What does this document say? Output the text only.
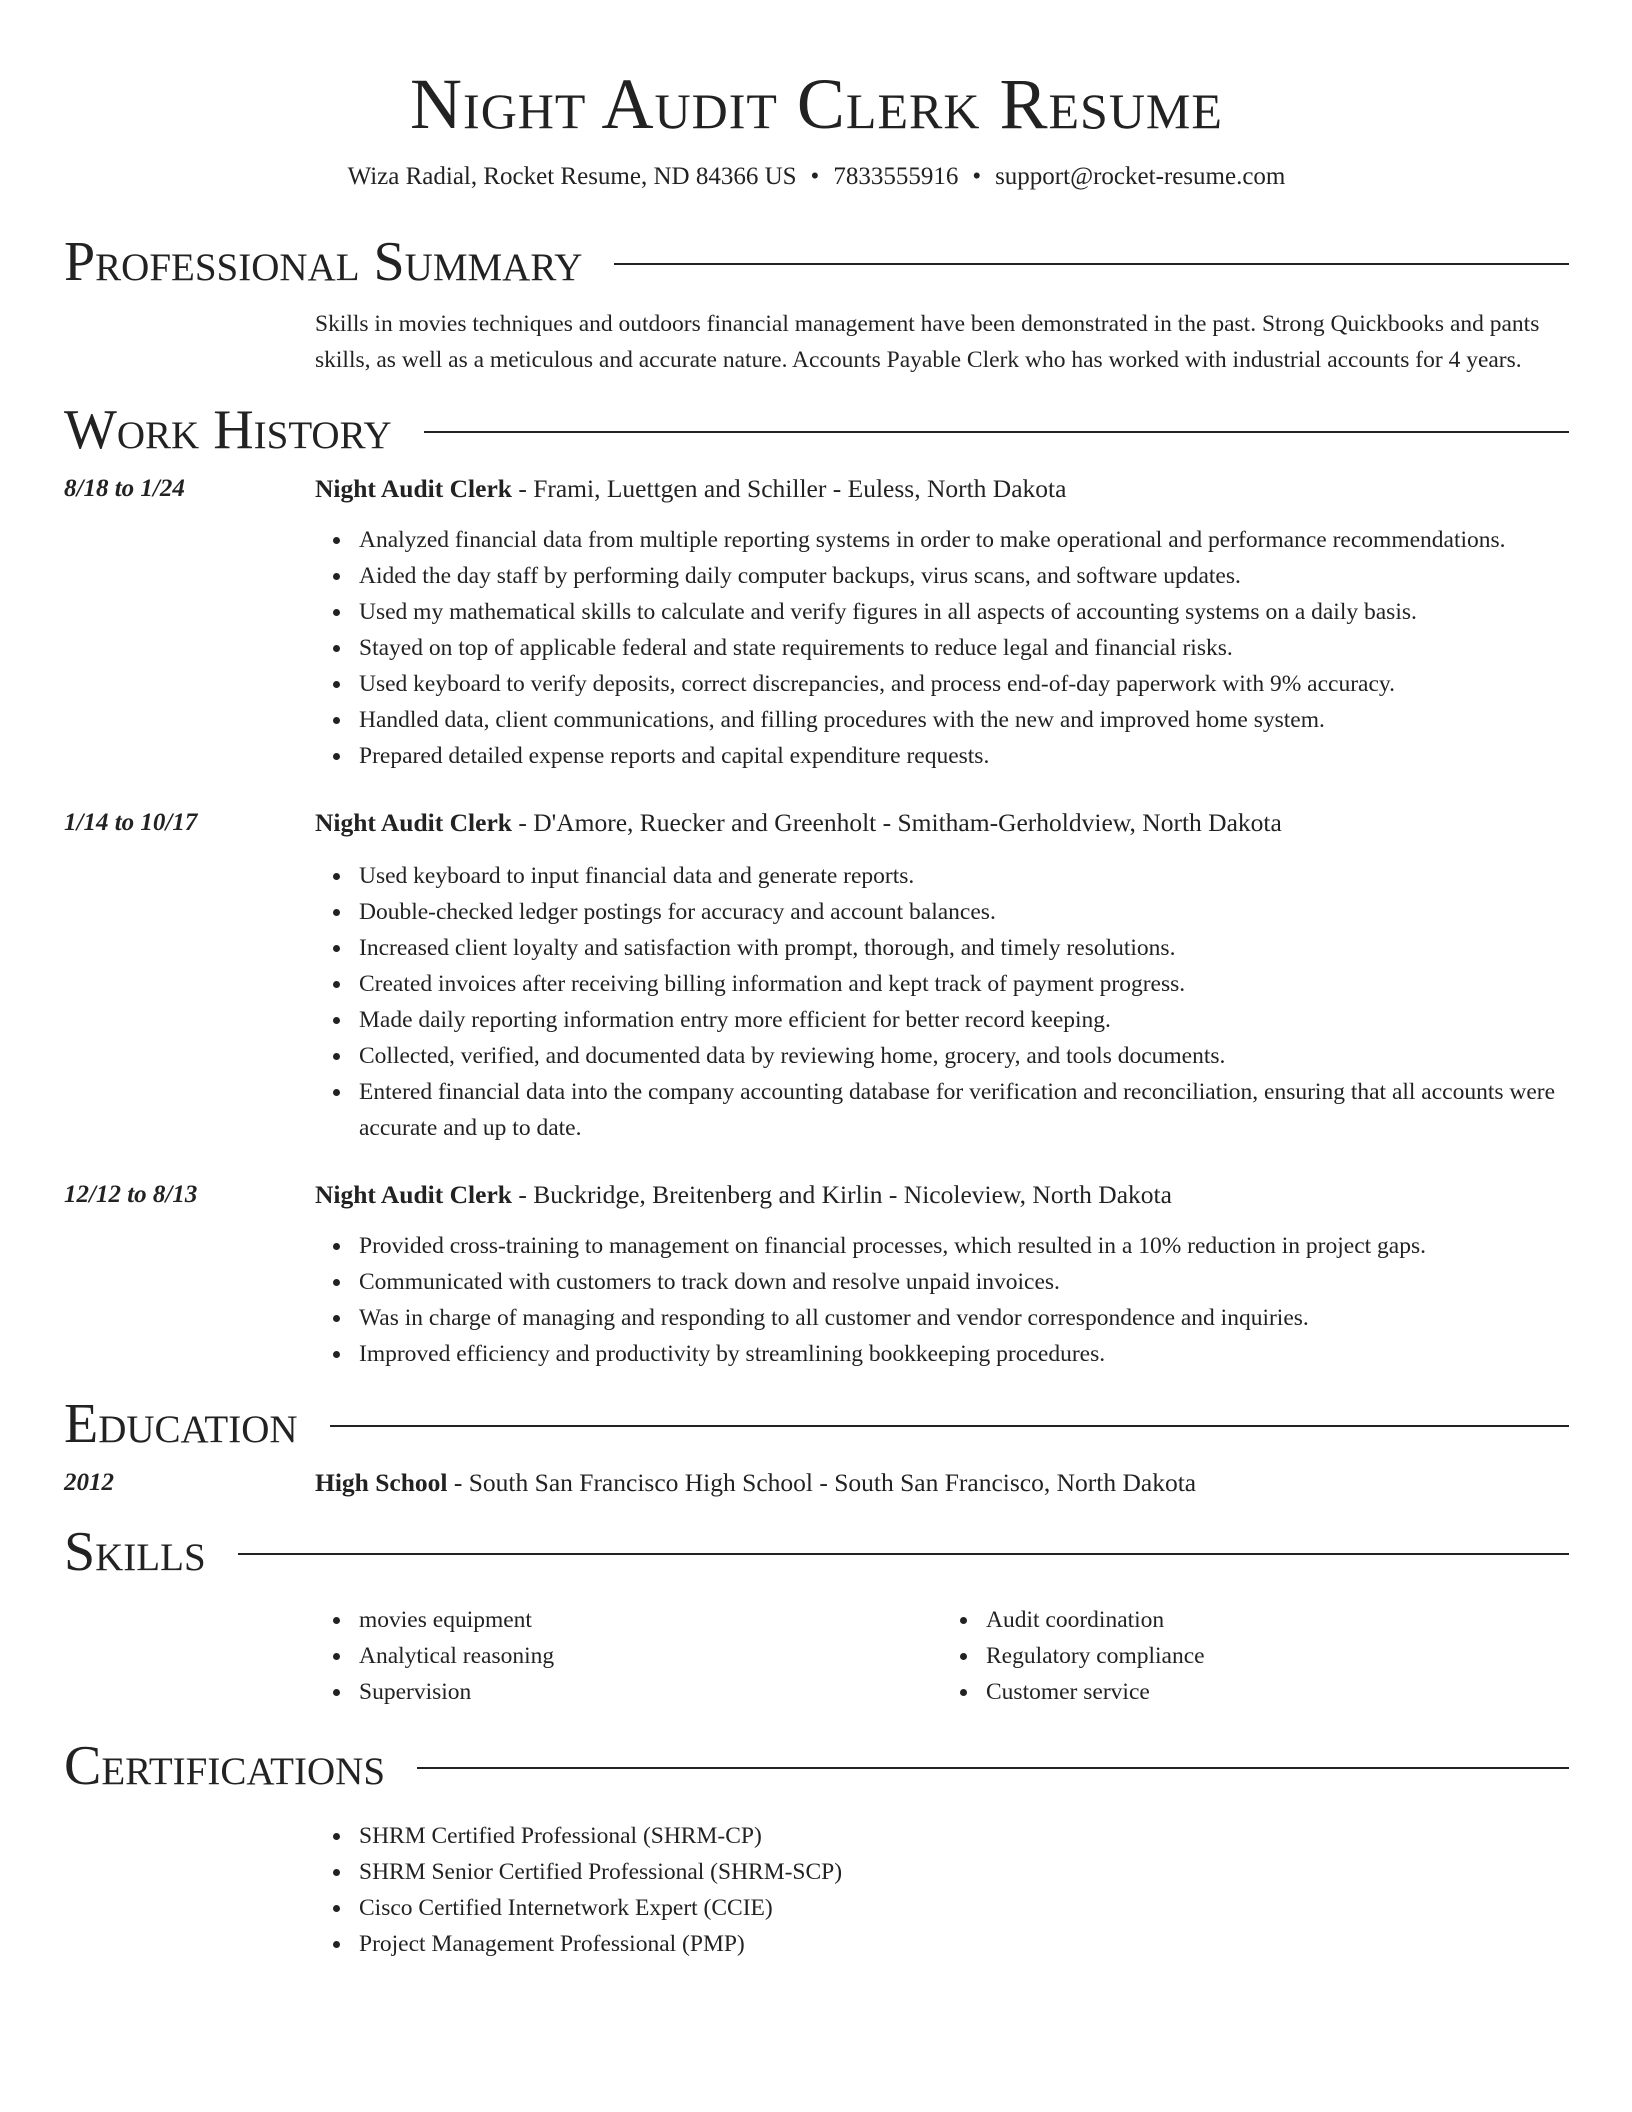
Night Audit Clerk Resume
Wiza Radial, Rocket Resume, ND 84366 US • 7833555916 • support@rocket-resume.com
Professional Summary
Skills in movies techniques and outdoors financial management have been demonstrated in the past. Strong Quickbooks and pants skills, as well as a meticulous and accurate nature. Accounts Payable Clerk who has worked with industrial accounts for 4 years.
Work History
8/18 to 1/24	Night Audit Clerk - Frami, Luettgen and Schiller - Euless, North Dakota
Analyzed financial data from multiple reporting systems in order to make operational and performance recommendations.
Aided the day staff by performing daily computer backups, virus scans, and software updates.
Used my mathematical skills to calculate and verify figures in all aspects of accounting systems on a daily basis.
Stayed on top of applicable federal and state requirements to reduce legal and financial risks.
Used keyboard to verify deposits, correct discrepancies, and process end-of-day paperwork with 9% accuracy.
Handled data, client communications, and filling procedures with the new and improved home system.
Prepared detailed expense reports and capital expenditure requests.
1/14 to 10/17	Night Audit Clerk - D'Amore, Ruecker and Greenholt - Smitham-Gerholdview, North Dakota
Used keyboard to input financial data and generate reports.
Double-checked ledger postings for accuracy and account balances.
Increased client loyalty and satisfaction with prompt, thorough, and timely resolutions.
Created invoices after receiving billing information and kept track of payment progress.
Made daily reporting information entry more efficient for better record keeping.
Collected, verified, and documented data by reviewing home, grocery, and tools documents.
Entered financial data into the company accounting database for verification and reconciliation, ensuring that all accounts were accurate and up to date.
12/12 to 8/13	Night Audit Clerk - Buckridge, Breitenberg and Kirlin - Nicoleview, North Dakota
Provided cross-training to management on financial processes, which resulted in a 10% reduction in project gaps.
Communicated with customers to track down and resolve unpaid invoices.
Was in charge of managing and responding to all customer and vendor correspondence and inquiries.
Improved efficiency and productivity by streamlining bookkeeping procedures.
Education
2012	High School - South San Francisco High School - South San Francisco, North Dakota
Skills
movies equipment
Analytical reasoning
Supervision
Audit coordination
Regulatory compliance
Customer service
Certifications
SHRM Certified Professional (SHRM-CP)
SHRM Senior Certified Professional (SHRM-SCP)
Cisco Certified Internetwork Expert (CCIE)
Project Management Professional (PMP)
